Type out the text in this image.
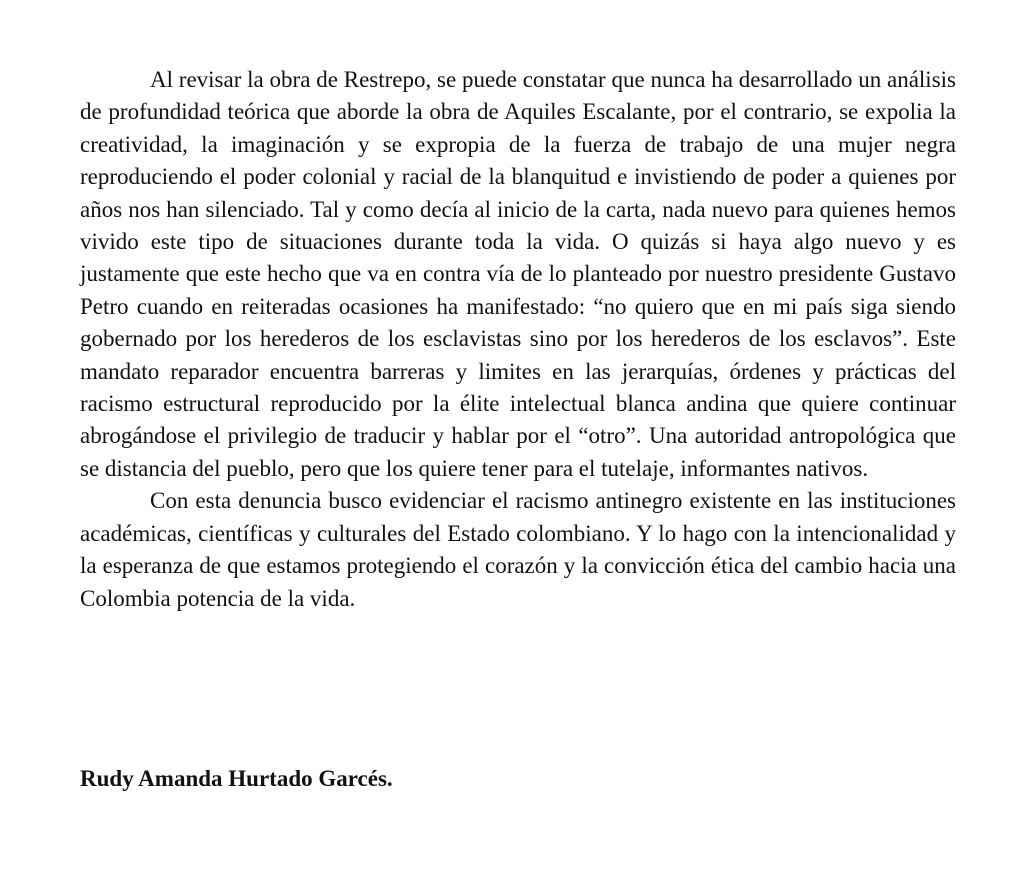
Al revisar la obra de Restrepo, se puede constatar que nunca ha desarrollado un análisis de profundidad teórica que aborde la obra de Aquiles Escalante, por el contrario, se expolia la creatividad, la imaginación y se expropia de la fuerza de trabajo de una mujer negra reproduciendo el poder colonial y racial de la blanquitud e invistiendo de poder a quienes por años nos han silenciado. Tal y como decía al inicio de la carta, nada nuevo para quienes hemos vivido este tipo de situaciones durante toda la vida. O quizás si haya algo nuevo y es justamente que este hecho que va en contra vía de lo planteado por nuestro presidente Gustavo Petro cuando en reiteradas ocasiones ha manifestado: “no quiero que en mi país siga siendo gobernado por los herederos de los esclavistas sino por los herederos de los esclavos”. Este mandato reparador encuentra barreras y limites en las jerarquías, órdenes y prácticas del racismo estructural reproducido por la élite intelectual blanca andina que quiere continuar abrogándose el privilegio de traducir y hablar por el “otro”. Una autoridad antropológica que se distancia del pueblo, pero que los quiere tener para el tutelaje, informantes nativos.

Con esta denuncia busco evidenciar el racismo antinegro existente en las instituciones académicas, científicas y culturales del Estado colombiano. Y lo hago con la intencionalidad y la esperanza de que estamos protegiendo el corazón y la convicción ética del cambio hacia una Colombia potencia de la vida.

Rudy Amanda Hurtado Garcés.
